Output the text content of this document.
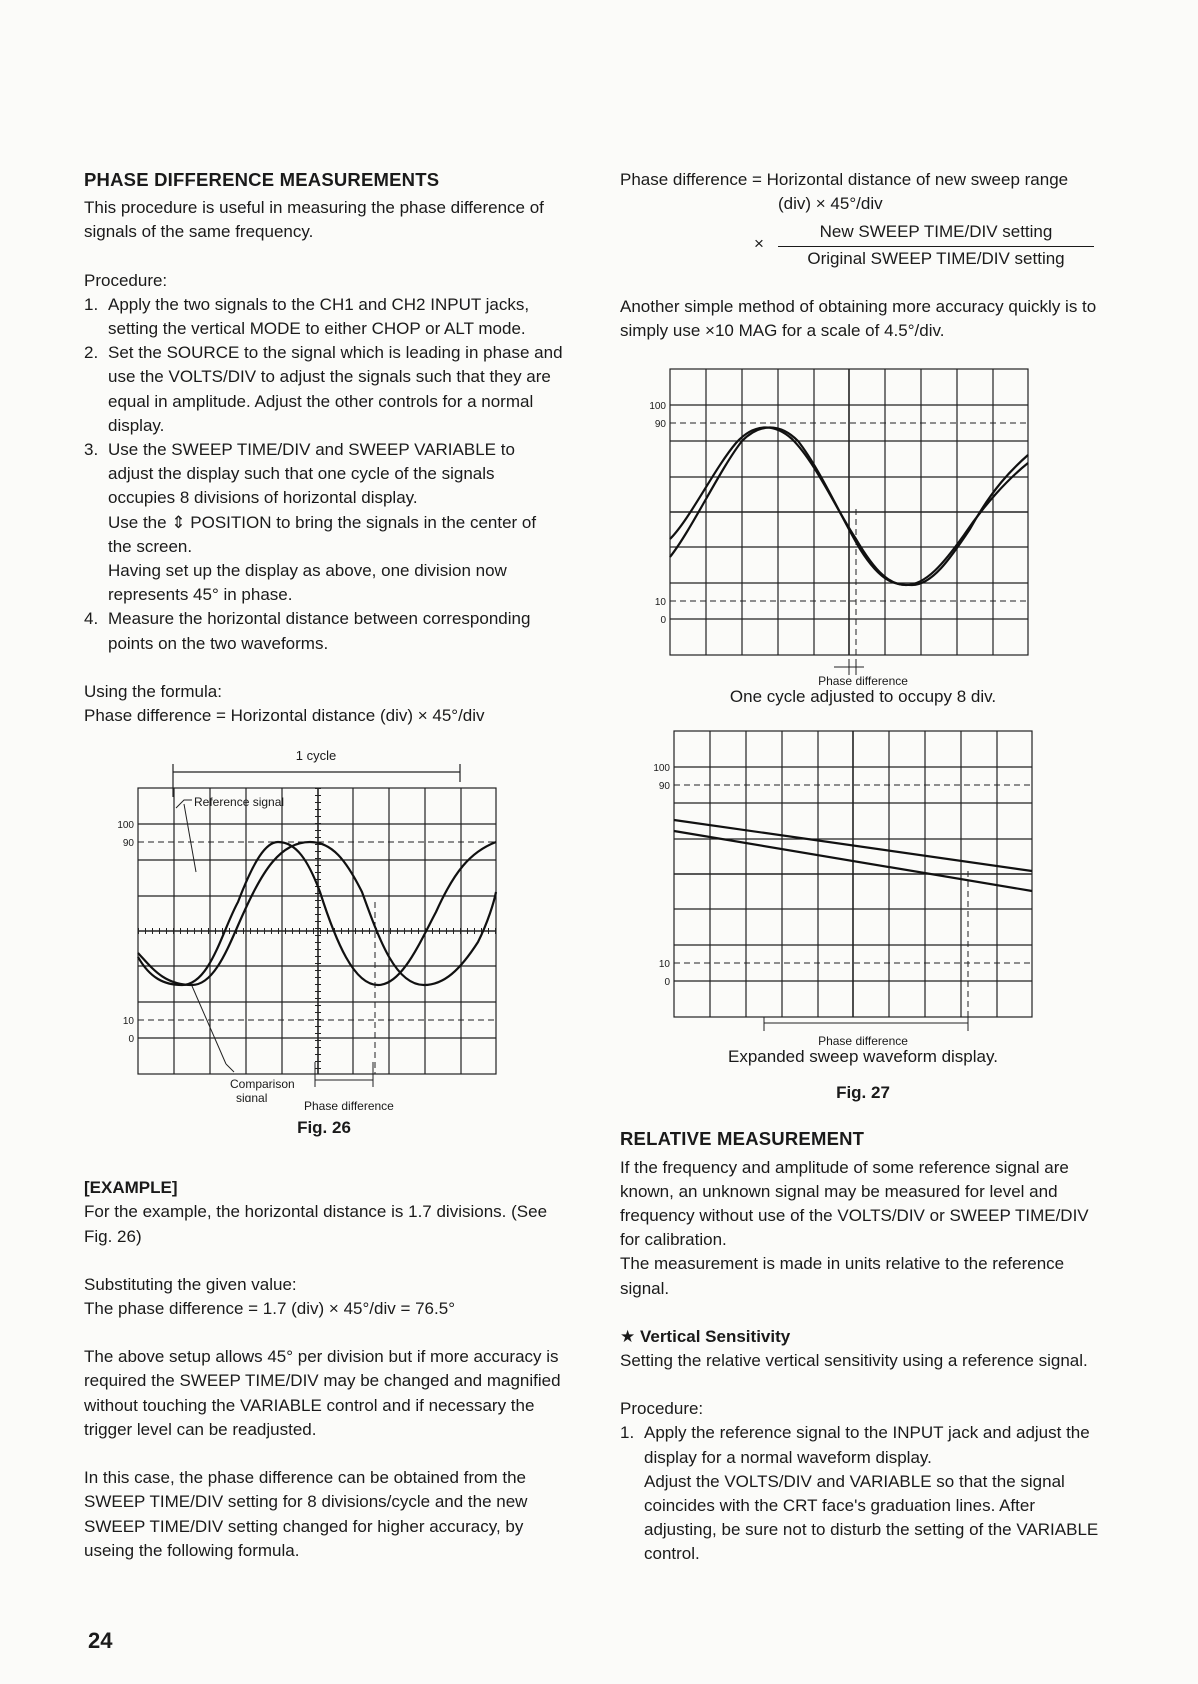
PHASE DIFFERENCE MEASUREMENTS

This procedure is useful in measuring the phase difference of signals of the same frequency.

Procedure:

1. Apply the two signals to the CH1 and CH2 INPUT jacks, setting the vertical MODE to either CHOP or ALT mode.
2. Set the SOURCE to the signal which is leading in phase and use the VOLTS/DIV to adjust the signals such that they are equal in amplitude. Adjust the other controls for a normal display.
3. Use the SWEEP TIME/DIV and SWEEP VARIABLE to adjust the display such that one cycle of the signals occupies 8 divisions of horizontal display.
Use the ⇕ POSITION to bring the signals in the center of the screen.
Having set up the display as above, one division now represents 45° in phase.
4. Measure the horizontal distance between corresponding points on the two waveforms.

Using the formula:

Phase difference = Horizontal distance (div) × 45°/div

1 cycle
100
90
10
0
Reference signal
Comparison
signal
Phase difference
Fig. 26

[EXAMPLE]

For the example, the horizontal distance is 1.7 divisions. (See Fig. 26)

Substituting the given value:

The phase difference = 1.7 (div) × 45°/div = 76.5°

The above setup allows 45° per division but if more accuracy is required the SWEEP TIME/DIV may be changed and magnified without touching the VARIABLE control and if necessary the trigger level can be readjusted.

In this case, the phase difference can be obtained from the SWEEP TIME/DIV setting for 8 divisions/cycle and the new SWEEP TIME/DIV setting changed for higher accuracy, by useing the following formula.

Phase difference = Horizontal distance of new sweep range

(div) × 45°/div

×
New SWEEP TIME/DIV setting
Original SWEEP TIME/DIV setting

Another simple method of obtaining more accuracy quickly is to simply use ×10 MAG for a scale of 4.5°/div.

100
90
10
0
Phase difference
One cycle adjusted to occupy 8 div.
100
90
10
0
Phase difference
Expanded sweep waveform display.
Fig. 27
RELATIVE MEASUREMENT

If the frequency and amplitude of some reference signal are known, an unknown signal may be measured for level and frequency without use of the VOLTS/DIV or SWEEP TIME/DIV for calibration.

The measurement is made in units relative to the reference signal.

★ Vertical Sensitivity

Setting the relative vertical sensitivity using a reference signal.

Procedure:

1. Apply the reference signal to the INPUT jack and adjust the display for a normal waveform display.
Adjust the VOLTS/DIV and VARIABLE so that the signal coincides with the CRT face's graduation lines. After adjusting, be sure not to disturb the setting of the VARIABLE control.
24
